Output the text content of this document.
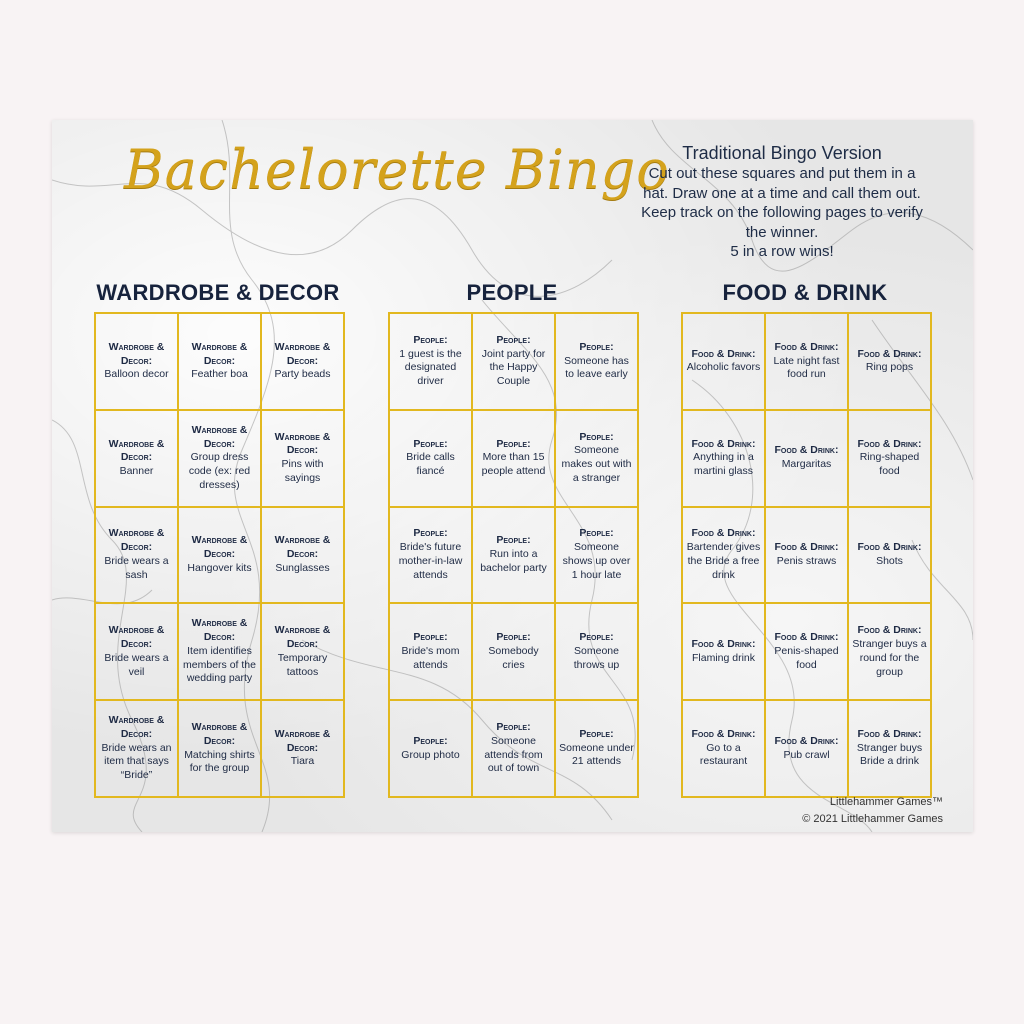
Bachelorette Bingo Traditional Bingo Version
Cut out these squares and put them in a hat. Draw one at a time and call them out. Keep track on the following pages to verify the winner.
5 in a row wins!
WARDROBE & DECOR	PEOPLE	FOOD & DRINK
Wardrobe & Decor:
Balloon decor
Wardrobe & Decor:
Feather boa
Wardrobe & Decor:
Party beads
Wardrobe & Decor:
Banner
Wardrobe & Decor:
Group dress code (ex: red dresses)
Wardrobe & Decor:
Pins with sayings
Wardrobe & Decor:
Bride wears a sash
Wardrobe & Decor:
Hangover kits
Wardrobe & Decor:
Sunglasses
Wardrobe & Decor:
Bride wears a veil
Wardrobe & Decor:
Item identifies members of the wedding party
Wardrobe & Decor:
Temporary tattoos
Wardrobe & Decor:
Bride wears an item that says “Bride”
Wardrobe & Decor:
Matching shirts for the group
Wardrobe & Decor:
Tiara
People:
1 guest is the designated driver
People:
Joint party for the Happy Couple
People:
Someone has to leave early
People:
Bride calls fiancé
People:
More than 15 people attend
People:
Someone makes out with a stranger
People:
Bride's future mother-in-law attends
People:
Run into a bachelor party
People:
Someone shows up over 1 hour late
People:
Bride's mom attends
People:
Somebody cries
People:
Someone throws up
People:
Group photo
People:
Someone attends from out of town
People:
Someone under 21 attends
Food & Drink:
Alcoholic favors
Food & Drink:
Late night fast food run
Food & Drink:
Ring pops
Food & Drink:
Anything in a martini glass
Food & Drink:
Margaritas
Food & Drink:
Ring-shaped food
Food & Drink:
Bartender gives the Bride a free drink
Food & Drink:
Penis straws
Food & Drink:
Shots
Food & Drink:
Flaming drink
Food & Drink:
Penis-shaped food
Food & Drink:
Stranger buys a round for the group
Food & Drink:
Go to a restaurant
Food & Drink:
Pub crawl
Food & Drink:
Stranger buys Bride a drink
Littlehammer Games™
© 2021 Littlehammer Games
